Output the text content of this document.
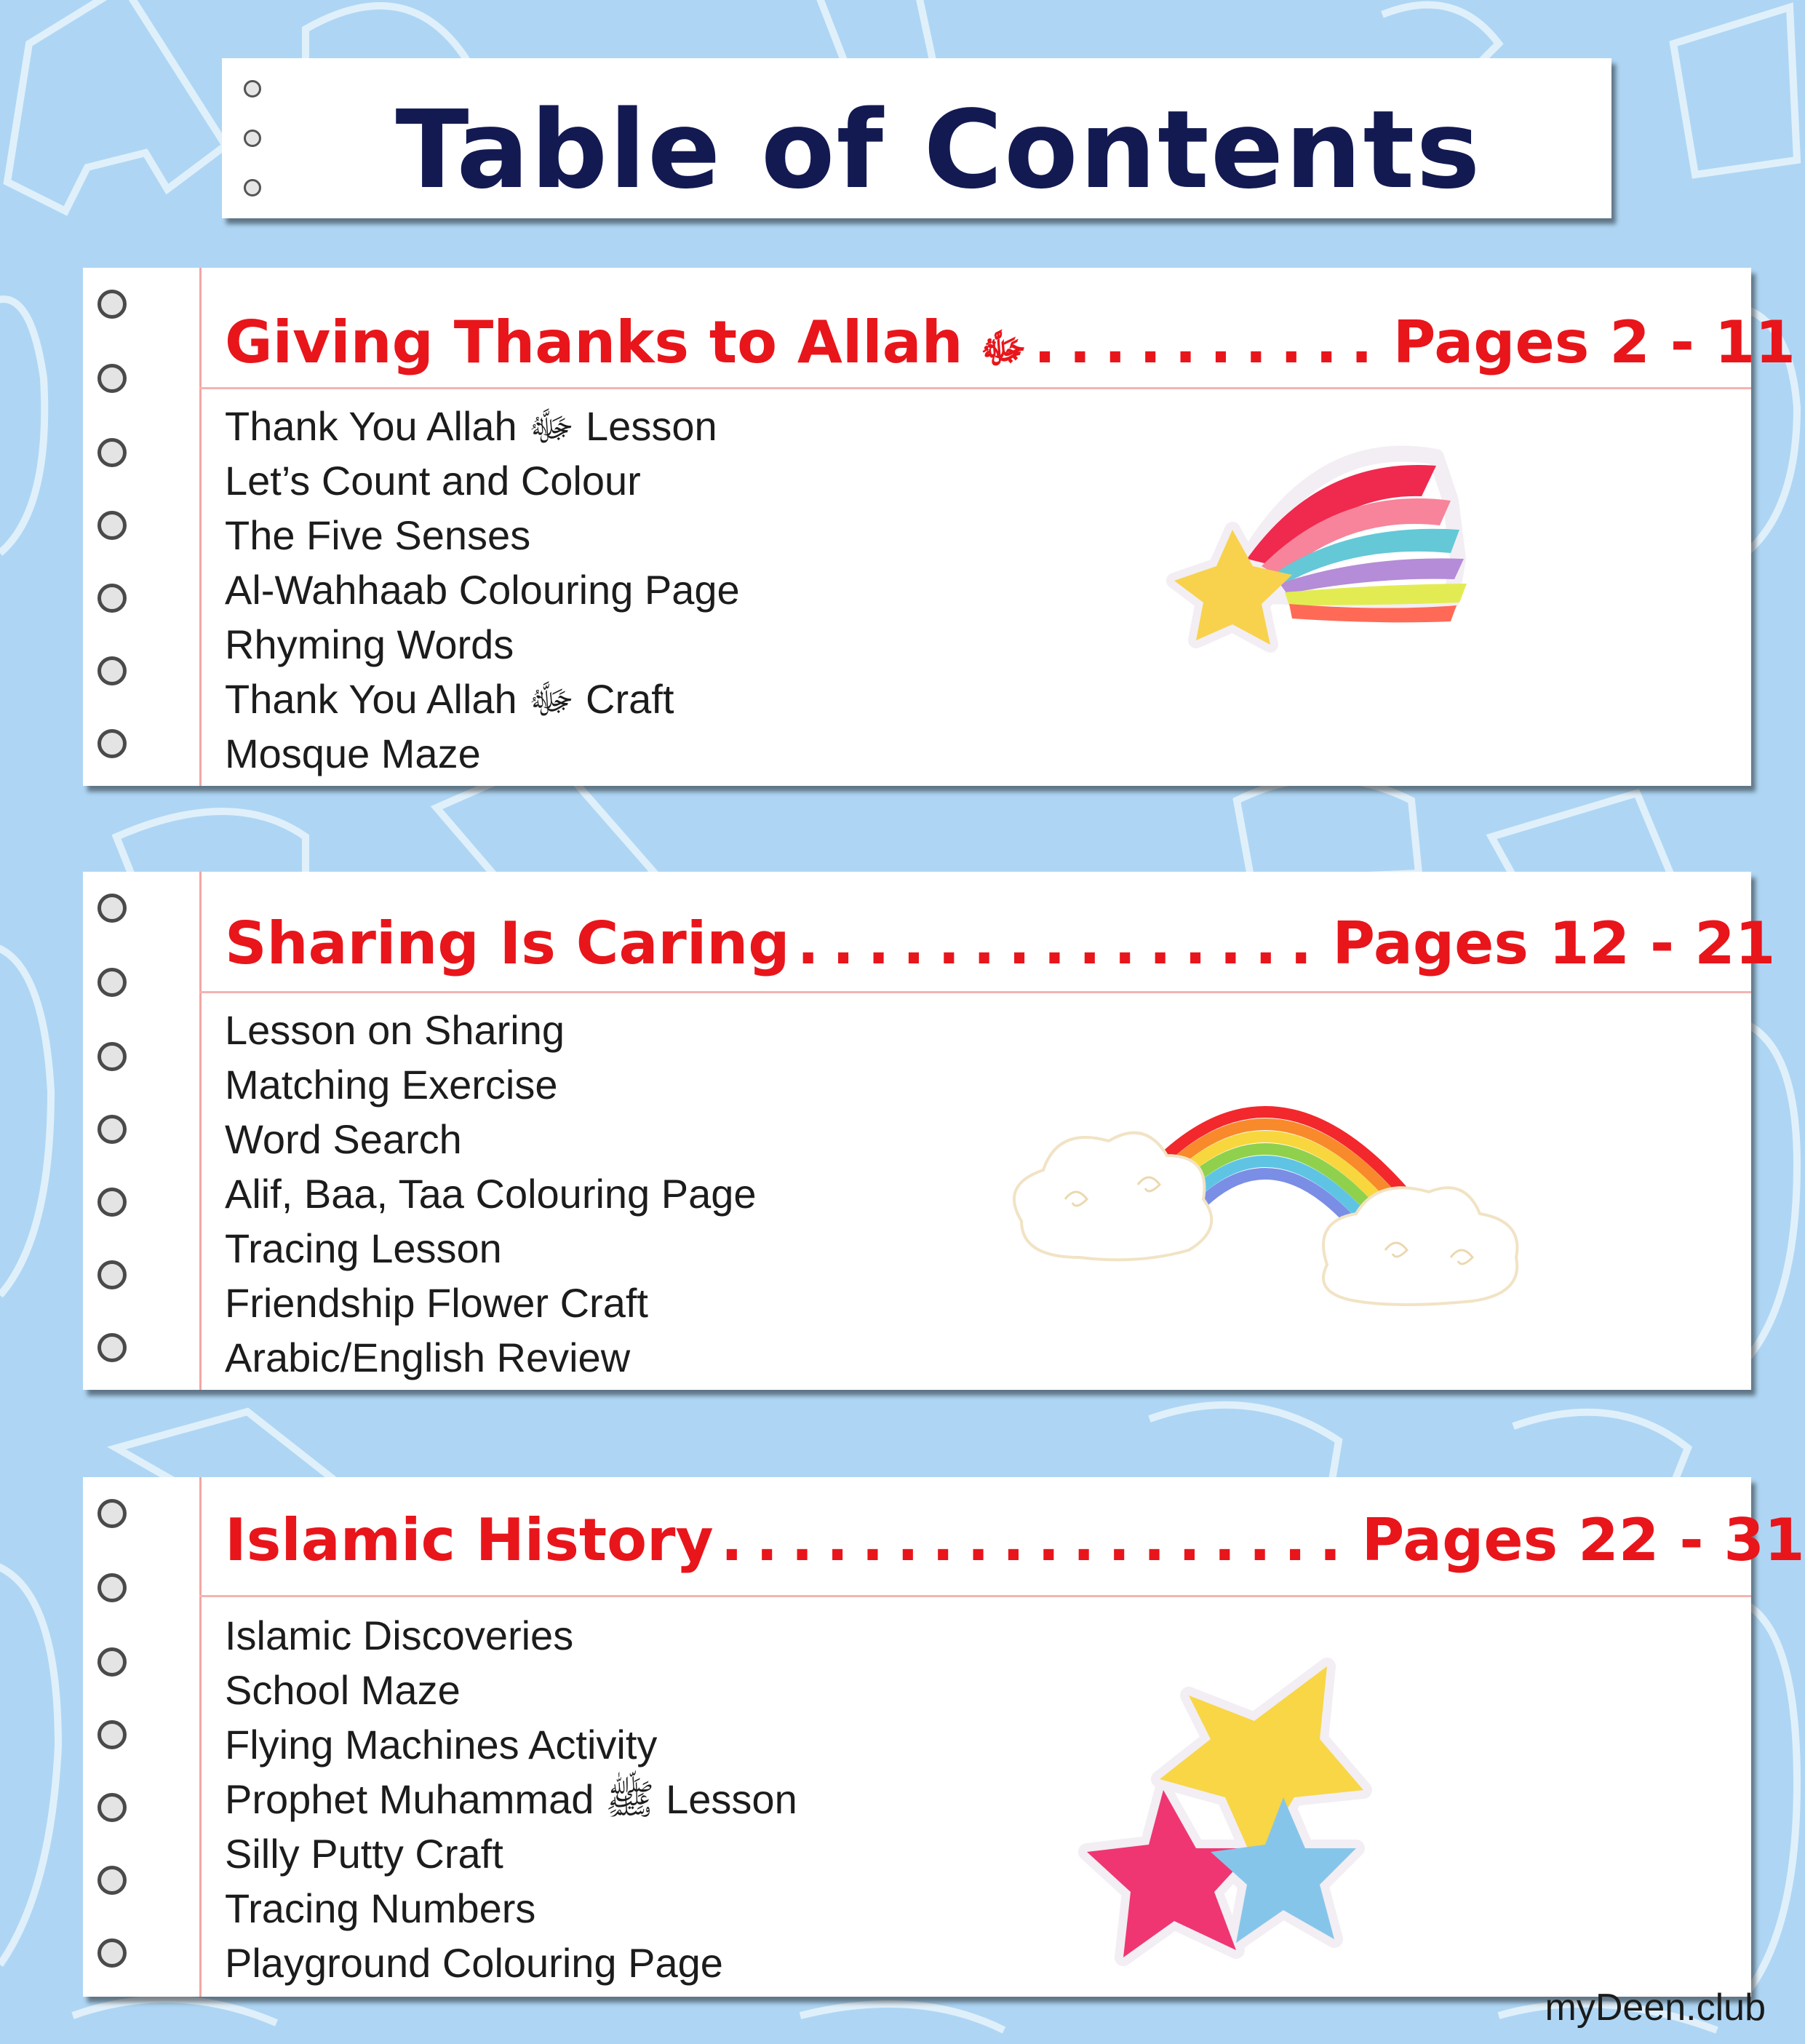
Table of Contents
Giving Thanks to Allah ﷻ .......... Pages 2 - 11
Thank You Allah ﷻ Lesson
Let’s Count and Colour
The Five Senses
Al-Wahhaab Colouring Page
Rhyming Words
Thank You Allah ﷻ Craft
Mosque Maze
Sharing Is Caring ............... Pages 12 - 21
Lesson on Sharing
Matching Exercise
Word Search
Alif, Baa, Taa Colouring Page
Tracing Lesson
Friendship Flower Craft
Arabic/English Review
Islamic History .................. Pages 22 - 31
Islamic Discoveries
School Maze
Flying Machines Activity
Prophet Muhammad ﷺ Lesson
Silly Putty Craft
Tracing Numbers
Playground Colouring Page
myDeen.club
